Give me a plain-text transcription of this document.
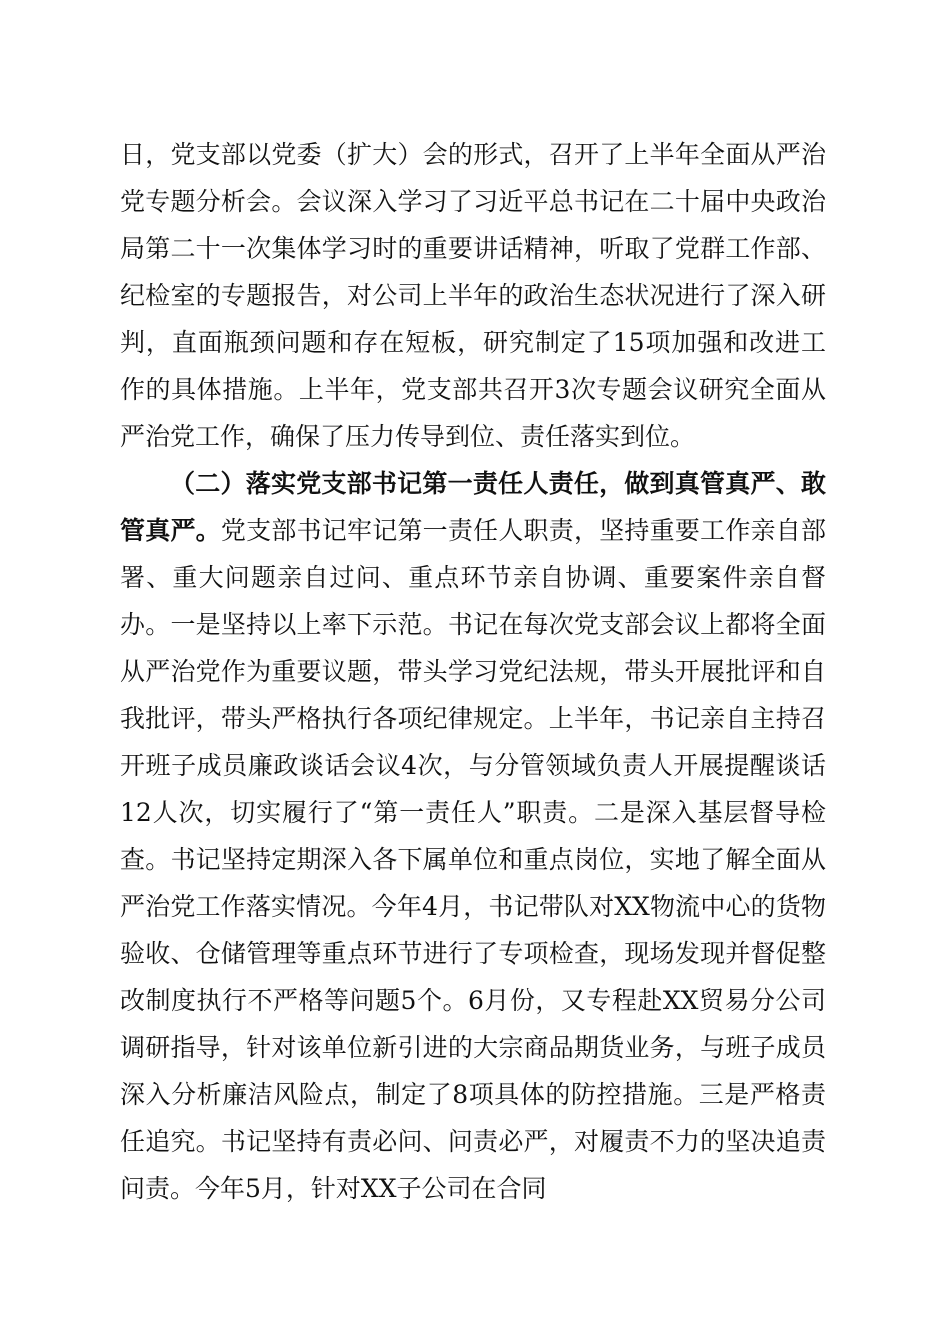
日，党支部以党委（扩大）会的形式，召开了上半年全面从严治党专题分析会。会议深入学习了习近平总书记在二十届中央政治局第二十一次集体学习时的重要讲话精神，听取了党群工作部、纪检室的专题报告，对公司上半年的政治生态状况进行了深入研判，直面瓶颈问题和存在短板，研究制定了15项加强和改进工作的具体措施。上半年，党支部共召开3次专题会议研究全面从严治党工作，确保了压力传导到位、责任落实到位。

（二）落实党支部书记第一责任人责任，做到真管真严、敢管真严。党支部书记牢记第一责任人职责，坚持重要工作亲自部署、重大问题亲自过问、重点环节亲自协调、重要案件亲自督办。一是坚持以上率下示范。书记在每次党支部会议上都将全面从严治党作为重要议题，带头学习党纪法规，带头开展批评和自我批评，带头严格执行各项纪律规定。上半年，书记亲自主持召开班子成员廉政谈话会议4次，与分管领域负责人开展提醒谈话12人次，切实履行了“第一责任人”职责。二是深入基层督导检查。书记坚持定期深入各下属单位和重点岗位，实地了解全面从严治党工作落实情况。今年4月，书记带队对XX物流中心的货物验收、仓储管理等重点环节进行了专项检查，现场发现并督促整改制度执行不严格等问题5个。6月份，又专程赴XX贸易分公司调研指导，针对该单位新引进的大宗商品期货业务，与班子成员深入分析廉洁风险点，制定了8项具体的防控措施。三是严格责任追究。书记坚持有责必问、问责必严，对履责不力的坚决追责问责。今年5月，针对XX子公司在合同
